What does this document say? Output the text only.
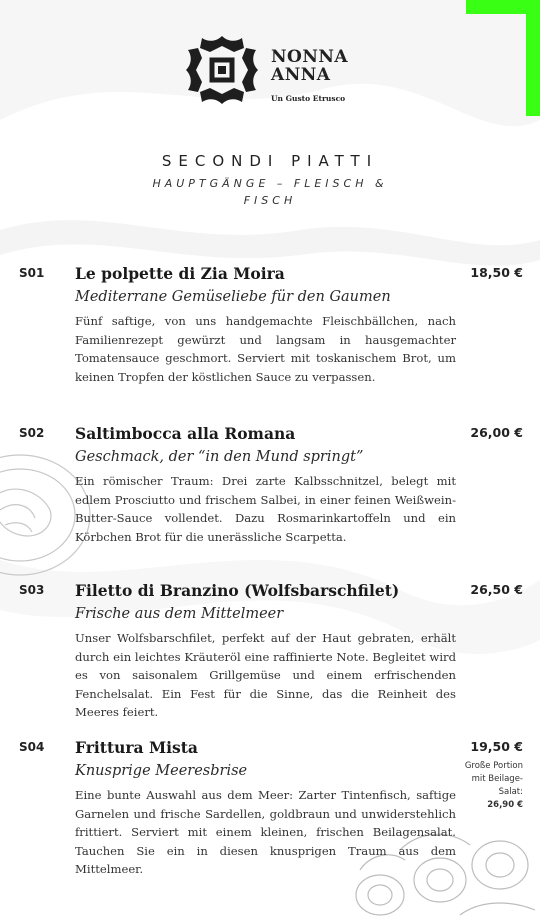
NONNA
ANNA
Un Gusto Etrusco
SECONDI PIATTI
HAUPTGÄNGE – FLEISCH & FISCH
S01 Le polpette di Zia Moira
Mediterrane Gemüseliebe für den Gaumen
Fünf saftige, von uns handgemachte Fleischbällchen, nach Familienrezept gewürzt und langsam in hausgemachter Tomatensauce geschmort. Serviert mit toskanischem Brot, um keinen Tropfen der köstlichen Sauce zu verpassen.
18,50 €
S02 Saltimbocca alla Romana
Geschmack, der “in den Mund springt”
Ein römischer Traum: Drei zarte Kalbsschnitzel, belegt mit edlem Prosciutto und frischem Salbei, in einer feinen Weißwein-Butter-Sauce vollendet. Dazu Rosmarinkartoffeln und ein Körbchen Brot für die unerässliche Scarpetta.
26,00 €
S03 Filetto di Branzino (Wolfsbarschfilet)
Frische aus dem Mittelmeer
Unser Wolfsbarschfilet, perfekt auf der Haut gebraten, erhält durch ein leichtes Kräuteröl eine raffinierte Note. Begleitet wird es von saisonalem Grillgemüse und einem erfrischenden Fenchelsalat. Ein Fest für die Sinne, das die Reinheit des Meeres feiert.
26,50 €
S04 Frittura Mista
Knusprige Meeresbrise
Eine bunte Auswahl aus dem Meer: Zarter Tintenfisch, saftige Garnelen und frische Sardellen, goldbraun und unwiderstehlich frittiert. Serviert mit einem kleinen, frischen Beilagensalat. Tauchen Sie ein in diesen knusprigen Traum aus dem Mittelmeer.
19,50 €
Große Portion mit Beilage-Salat:
26,90 €
